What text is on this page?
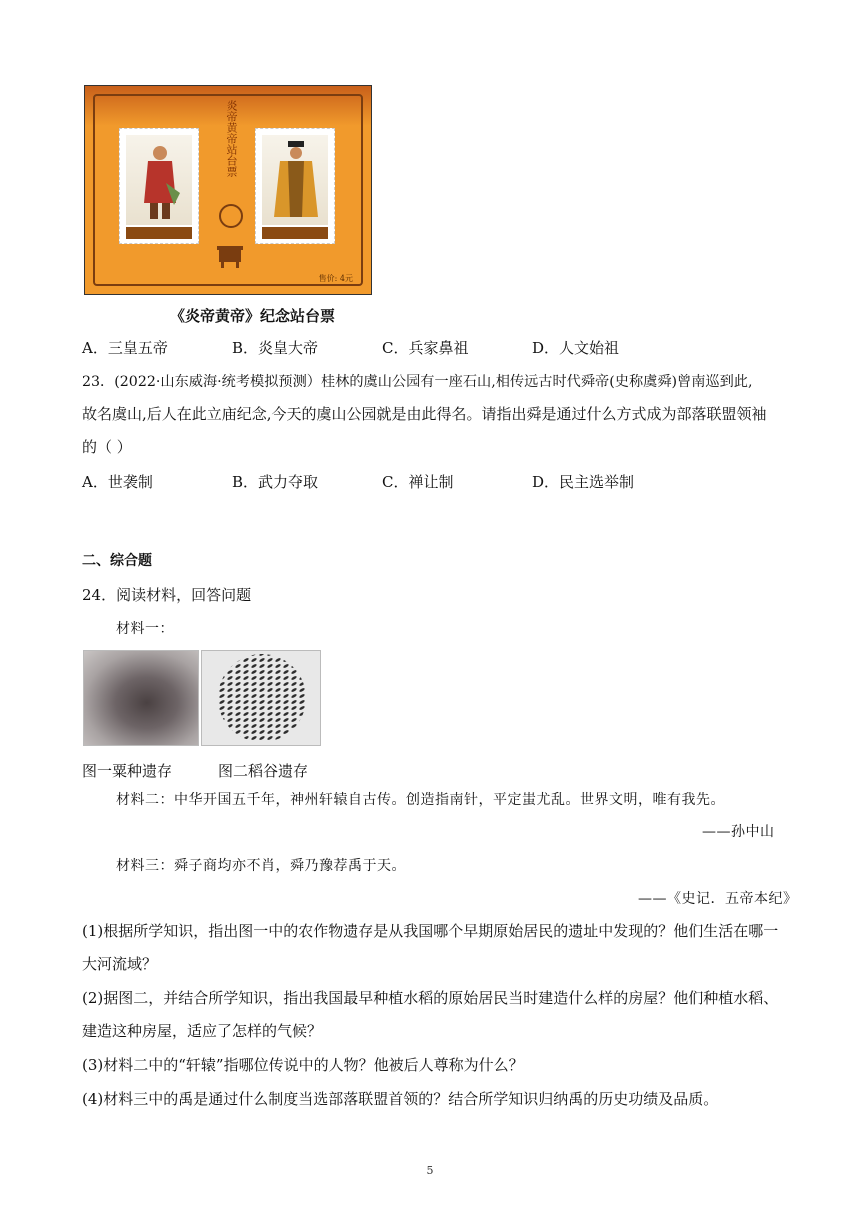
炎帝黄帝站台票
售价: 4元
《炎帝黄帝》纪念站台票
A．三皇五帝	B．炎皇大帝	C．兵家鼻祖	D．人文始祖
23．(2022·山东威海·统考模拟预测）桂林的虞山公园有一座石山,相传远古时代舜帝(史称虞舜)曾南巡到此,
故名虞山,后人在此立庙纪念,今天的虞山公园就是由此得名。请指出舜是通过什么方式成为部落联盟领袖
的（ ）
A．世袭制	B．武力夺取	C．禅让制	D．民主选举制
二、综合题
24．阅读材料，回答问题
材料一：
图一粟种遗存	图二稻谷遗存
材料二：中华开国五千年，神州轩辕自古传。创造指南针，平定蚩尤乱。世界文明，唯有我先。
——孙中山
材料三：舜子商均亦不肖，舜乃豫荐禹于天。
——《史记．五帝本纪》
(1)根据所学知识，指出图一中的农作物遗存是从我国哪个早期原始居民的遗址中发现的？他们生活在哪一
大河流域？
(2)据图二，并结合所学知识，指出我国最早种植水稻的原始居民当时建造什么样的房屋？他们种植水稻、
建造这种房屋，适应了怎样的气候？
(3)材料二中的“轩辕”指哪位传说中的人物？他被后人尊称为什么？
(4)材料三中的禹是通过什么制度当选部落联盟首领的？结合所学知识归纳禹的历史功绩及品质。
5
